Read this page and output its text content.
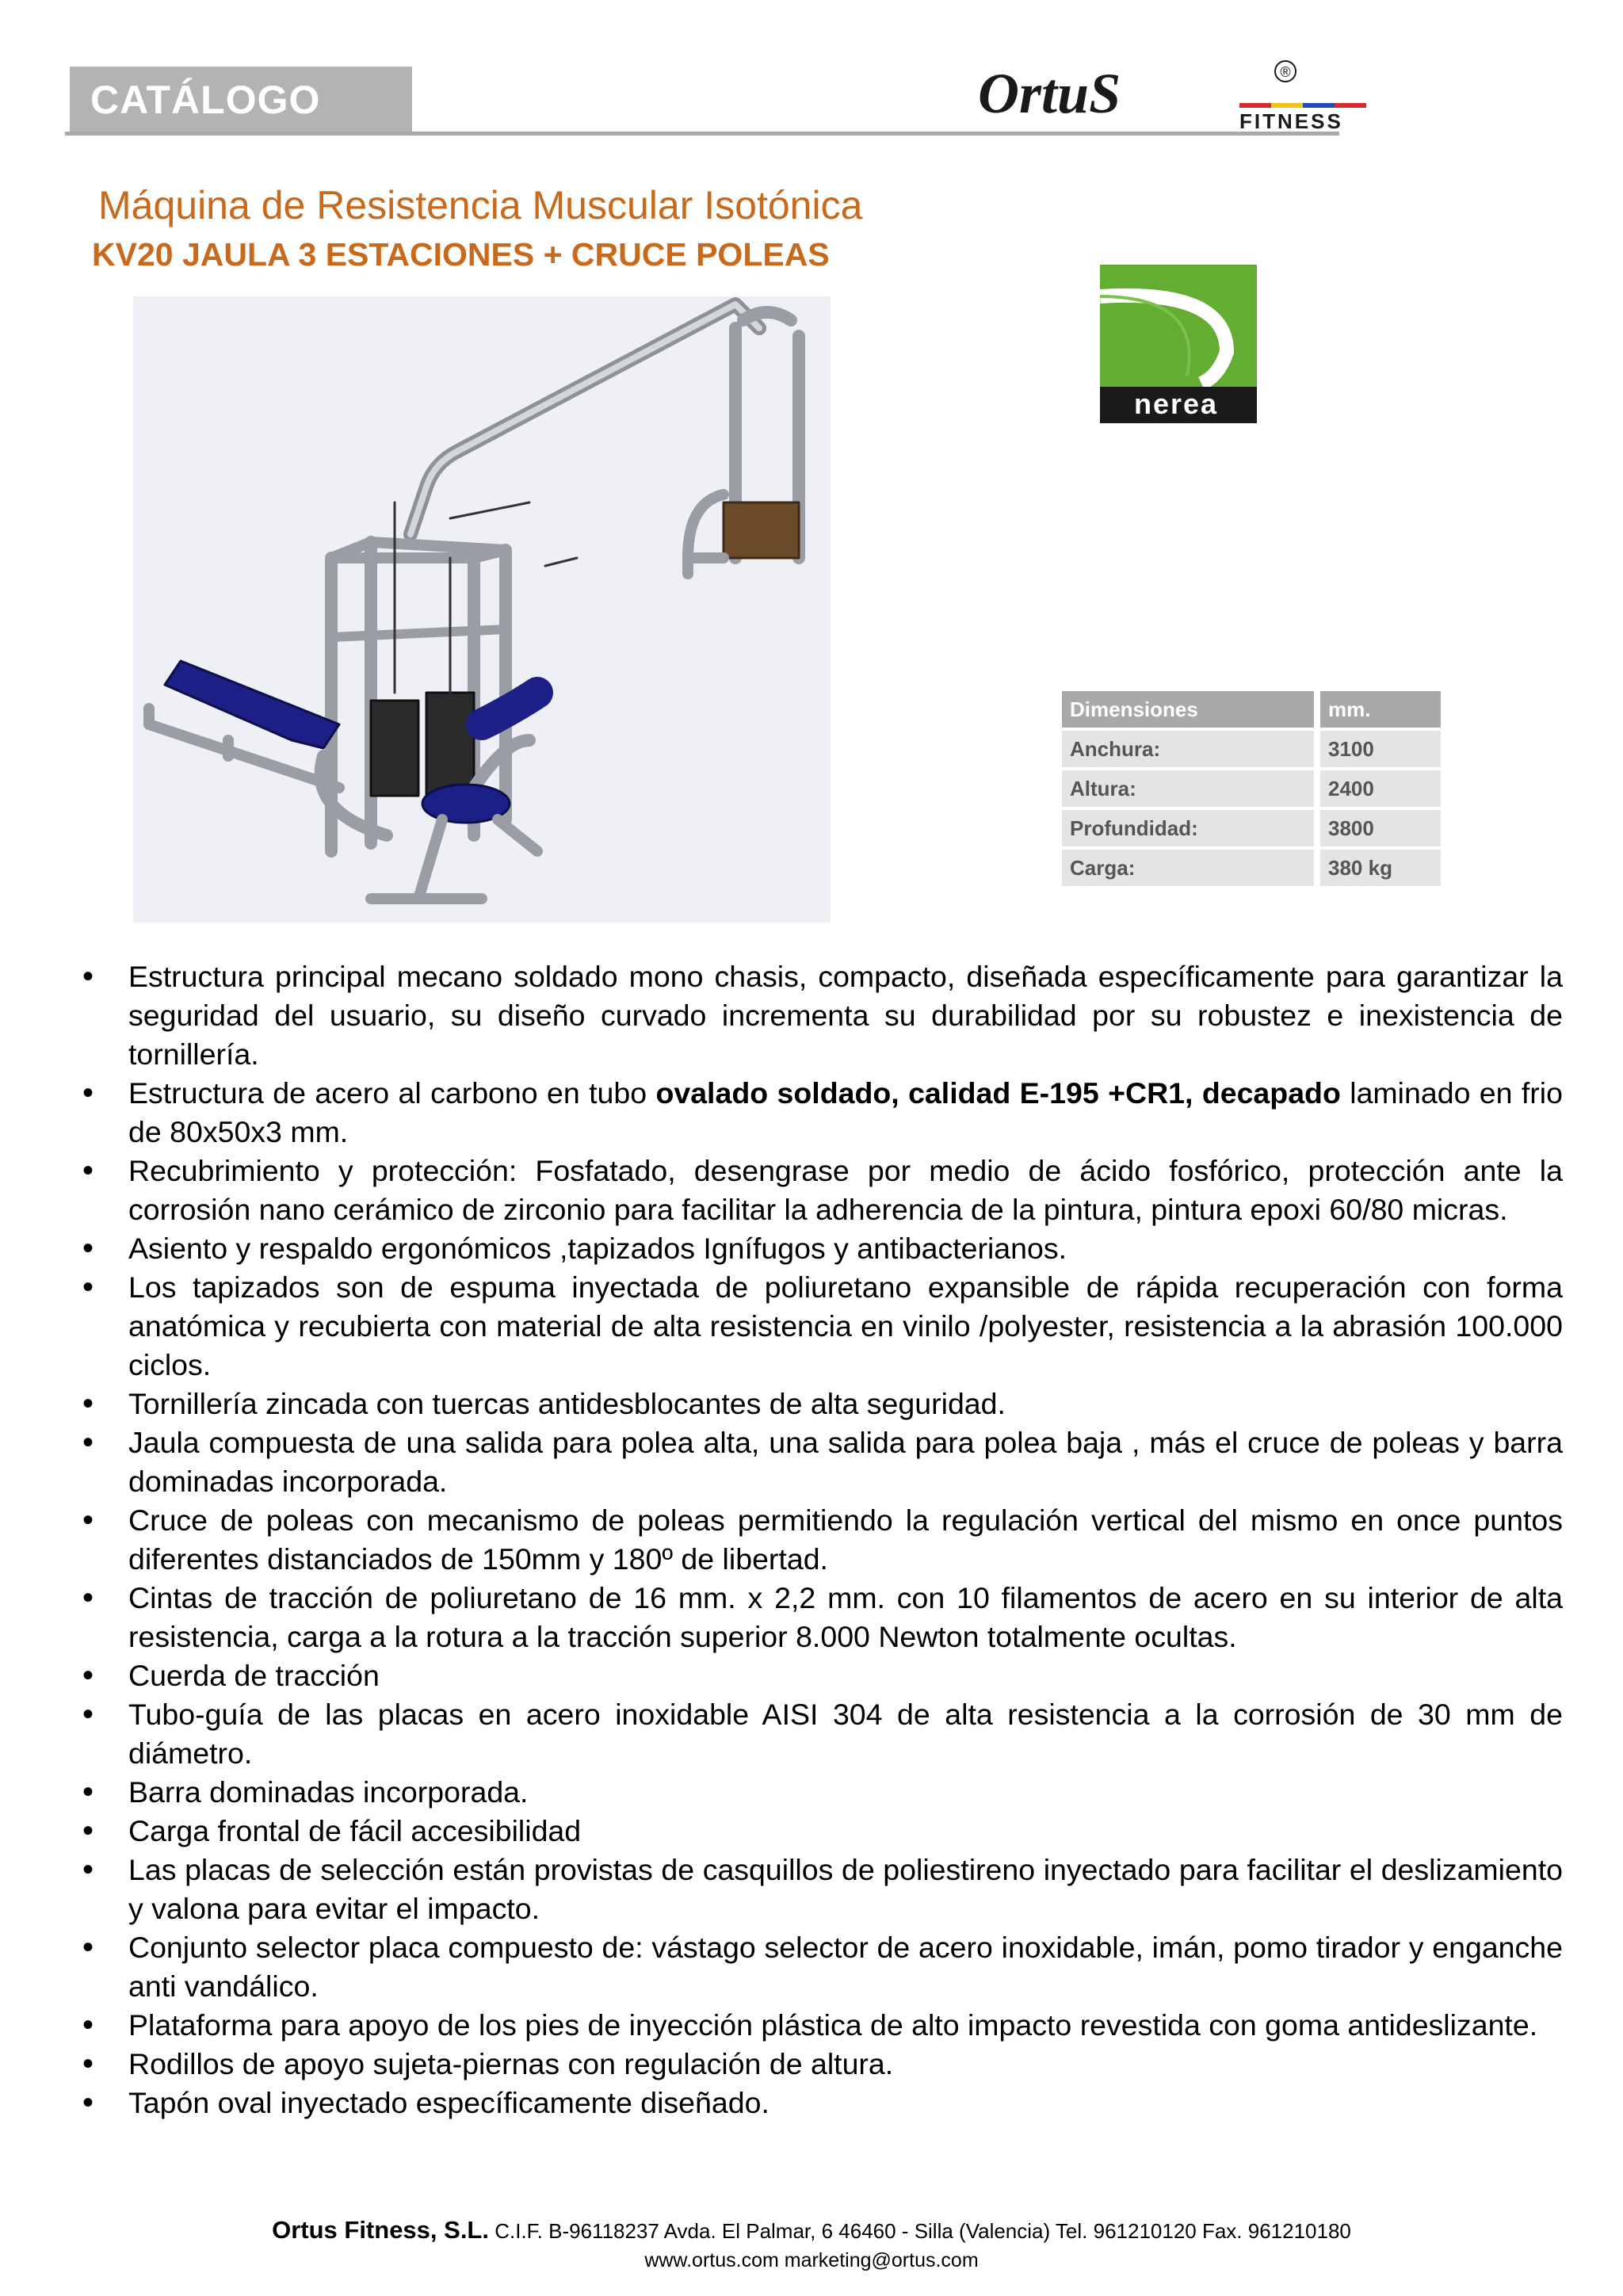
CATÁLOGO	OrtuS	FITNESS
®
Máquina de Resistencia Muscular Isotónica
KV20 JAULA 3 ESTACIONES + CRUCE POLEAS
nerea
Dimensiones		mm.
Anchura:		3100
Altura:		2400
Profundidad:		3800
Carga:		380 kg
• Estructura principal mecano soldado mono chasis, compacto, diseñada específicamente para garantizar la seguridad del usuario, su diseño curvado incrementa su durabilidad por su robustez e inexistencia de tornillería.
• Estructura de acero al carbono en tubo ovalado soldado, calidad E-195 +CR1, decapado laminado en frio de 80x50x3 mm.
• Recubrimiento y protección: Fosfatado, desengrase por medio de ácido fosfórico, protección ante la corrosión nano cerámico de zirconio para facilitar la adherencia de la pintura, pintura epoxi 60/80 micras.
• Asiento y respaldo ergonómicos ,tapizados Ignífugos y antibacterianos.
• Los tapizados son de espuma inyectada de poliuretano expansible de rápida recuperación con forma anatómica y recubierta con material de alta resistencia en vinilo /polyester, resistencia a la abrasión 100.000 ciclos.
• Tornillería zincada con tuercas antidesblocantes de alta seguridad.
• Jaula compuesta de una salida para polea alta, una salida para polea baja , más el cruce de poleas y barra dominadas incorporada.
• Cruce de poleas con mecanismo de poleas permitiendo la regulación vertical del mismo en once puntos diferentes distanciados de 150mm y 180º de libertad.
• Cintas de tracción de poliuretano de 16 mm. x 2,2 mm. con 10 filamentos de acero en su interior de alta resistencia, carga a la rotura a la tracción superior 8.000 Newton totalmente ocultas.
• Cuerda de tracción
• Tubo-guía de las placas en acero inoxidable AISI 304 de alta resistencia a la corrosión de 30 mm de diámetro.
• Barra dominadas incorporada.
• Carga frontal de fácil accesibilidad
• Las placas de selección están provistas de casquillos de poliestireno inyectado para facilitar el deslizamiento y valona para evitar el impacto.
• Conjunto selector placa compuesto de: vástago selector de acero inoxidable, imán, pomo tirador y enganche anti vandálico.
• Plataforma para apoyo de los pies de inyección plástica de alto impacto revestida con goma antideslizante.
• Rodillos de apoyo sujeta-piernas con regulación de altura.
• Tapón oval inyectado específicamente diseñado.
Ortus Fitness, S.L. C.I.F. B-96118237 Avda. El Palmar, 6 46460 - Silla (Valencia) Tel. 961210120 Fax. 961210180
www.ortus.com marketing@ortus.com
